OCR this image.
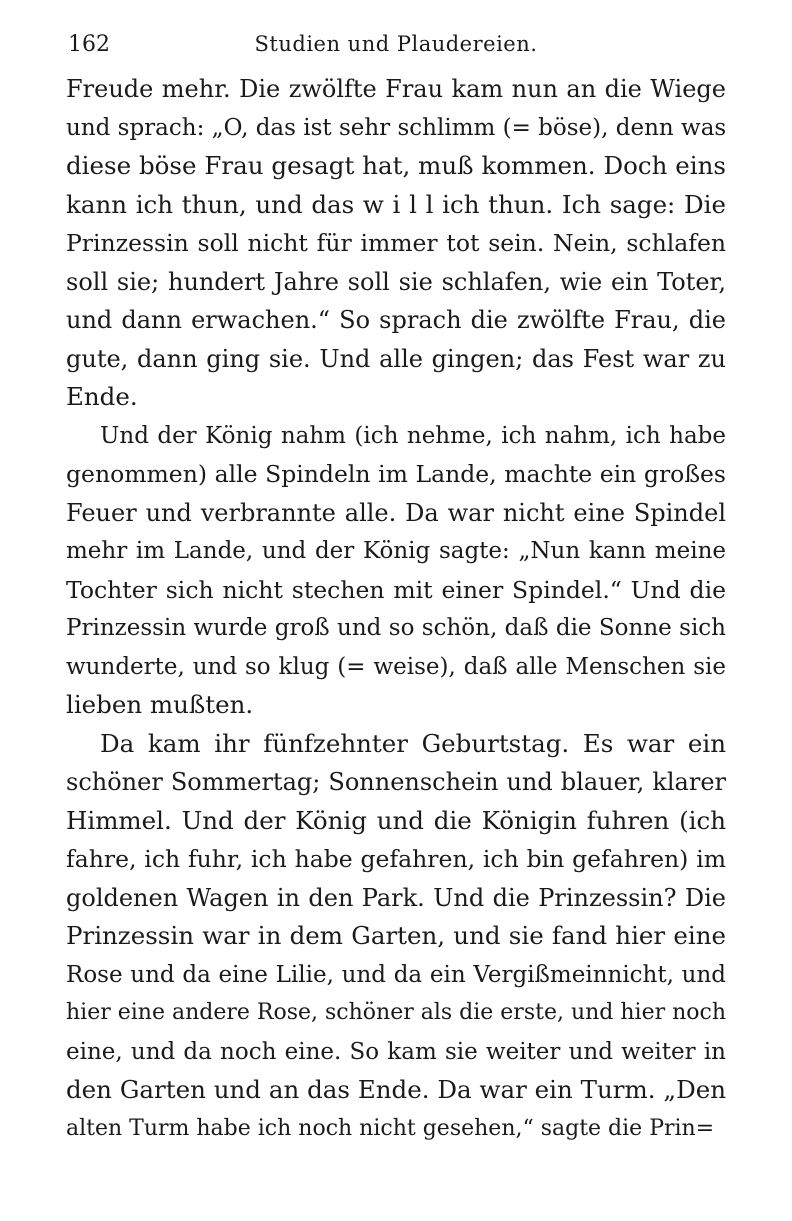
162	Studien und Plaudereien.
Freude mehr. Die zwölfte Frau kam nun an die Wiege
und sprach: „O, das ist sehr schlimm (= böse), denn was
diese böse Frau gesagt hat, muß kommen. Doch eins
kann ich thun, und das w i l l ich thun. Ich sage: Die
Prinzessin soll nicht für immer tot sein. Nein, schlafen
soll sie; hundert Jahre soll sie schlafen, wie ein Toter,
und dann erwachen.“ So sprach die zwölfte Frau, die
gute, dann ging sie. Und alle gingen; das Fest war zu
Ende.
Und der König nahm (ich nehme, ich nahm, ich habe
genommen) alle Spindeln im Lande, machte ein großes
Feuer und verbrannte alle. Da war nicht eine Spindel
mehr im Lande, und der König sagte: „Nun kann meine
Tochter sich nicht stechen mit einer Spindel.“ Und die
Prinzessin wurde groß und so schön, daß die Sonne sich
wunderte, und so klug (= weise), daß alle Menschen sie
lieben mußten.
Da kam ihr fünfzehnter Geburtstag. Es war ein
schöner Sommertag; Sonnenschein und blauer, klarer
Himmel. Und der König und die Königin fuhren (ich
fahre, ich fuhr, ich habe gefahren, ich bin gefahren) im
goldenen Wagen in den Park. Und die Prinzessin? Die
Prinzessin war in dem Garten, und sie fand hier eine
Rose und da eine Lilie, und da ein Vergißmeinnicht, und
hier eine andere Rose, schöner als die erste, und hier noch
eine, und da noch eine. So kam sie weiter und weiter in
den Garten und an das Ende. Da war ein Turm. „Den
alten Turm habe ich noch nicht gesehen,“ sagte die Prin=
